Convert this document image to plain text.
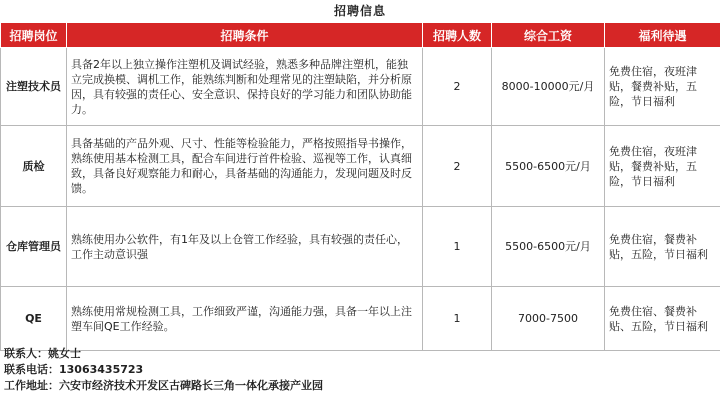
招聘信息
招聘岗位	招聘条件	招聘人数	综合工资	福利待遇
注塑技术员	具备2年以上独立操作注塑机及调试经验，熟悉多种品牌注塑机，能独立完成换模、调机工作，能熟练判断和处理常见的注塑缺陷，并分析原因，具有较强的责任心、安全意识、保持良好的学习能力和团队协助能力。	2	8000-10000元/月	免费住宿，夜班津贴，餐费补贴，五险，节日福利
质检	具备基础的产品外观、尺寸、性能等检验能力，严格按照指导书操作，熟练使用基本检测工具，配合车间进行首件检验、巡视等工作，认真细致，具备良好观察能力和耐心，具备基础的沟通能力，发现问题及时反馈。	2	5500-6500元/月	免费住宿，夜班津贴，餐费补贴，五险，节日福利
仓库管理员	熟练使用办公软件，有1年及以上仓管工作经验，具有较强的责任心，工作主动意识强	1	5500-6500元/月	免费住宿，餐费补贴，五险，节日福利
QE	熟练使用常规检测工具，工作细致严谨，沟通能力强，具备一年以上注塑车间QE工作经验。	1	7000-7500	免费住宿、餐费补贴、五险，节日福利
联系人：姚女士
联系电话：13063435723
工作地址：六安市经济技术开发区古碑路长三角一体化承接产业园
